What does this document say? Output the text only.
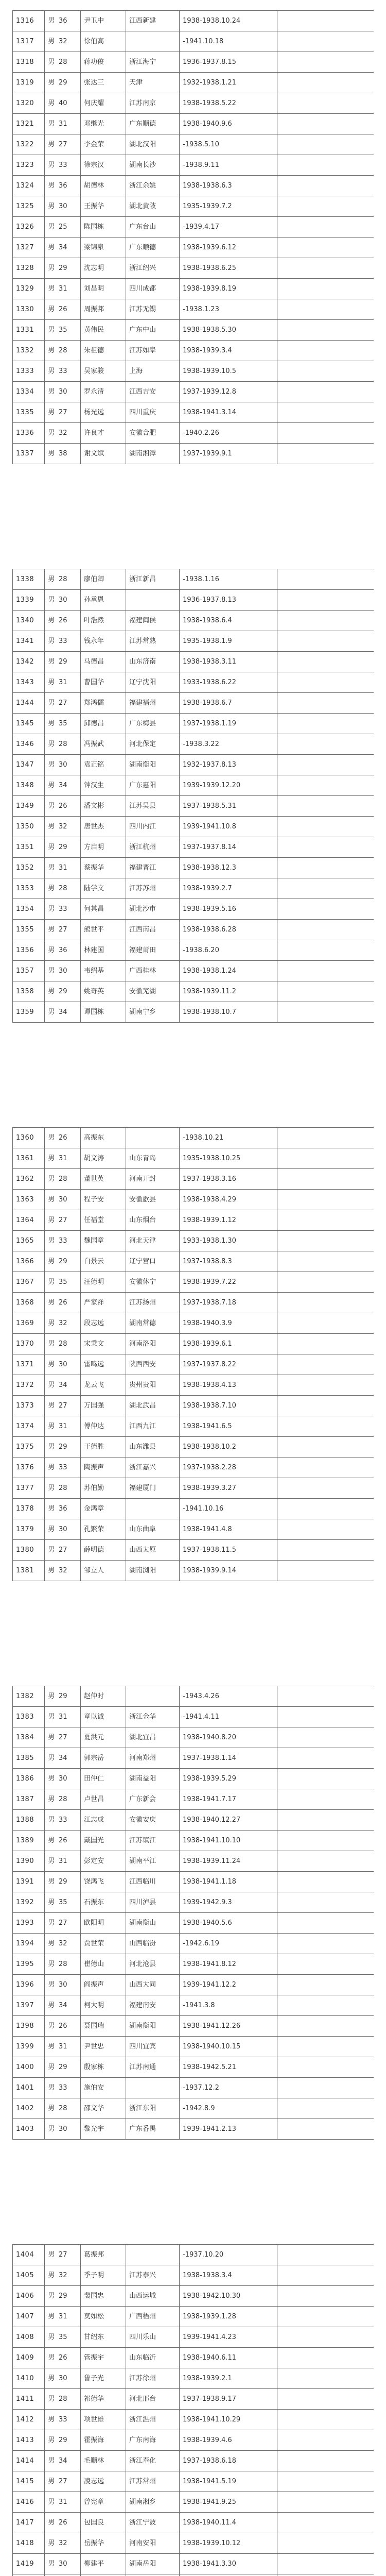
1316	男 36	尹卫中	江西新建	1938-1938.10.24	
1317	男 32	徐伯高		-1941.10.18	
1318	男 28	蒋功俊	浙江海宁	1936-1937.8.15	
1319	男 29	张达三	天津	1932-1938.1.21	
1320	男 40	何庆耀	江苏南京	1938-1938.5.22	
1321	男 31	邓继光	广东顺德	1938-1940.9.6	
1322	男 27	李金荣	湖北汉阳	-1938.5.10	
1323	男 33	徐宗汉	湖南长沙	-1938.9.11	
1324	男 36	胡德林	浙江余姚	1938-1938.6.3	
1325	男 30	王振华	湖北黄陂	1935-1939.7.2	
1326	男 25	陈国栋	广东台山	-1939.4.17	
1327	男 34	梁锦泉	广东顺德	1938-1939.6.12	
1328	男 29	沈志明	浙江绍兴	1938-1938.6.25	
1329	男 31	刘昌明	四川成都	1938-1939.8.19	
1330	男 26	周振邦	江苏无锡	-1938.1.23	
1331	男 35	黄伟民	广东中山	1938-1938.5.30	
1332	男 28	朱祖德	江苏如皋	1938-1939.3.4	
1333	男 33	吴家骏	上海	1938-1939.10.5	
1334	男 30	罗永清	江西吉安	1937-1939.12.8	
1335	男 27	杨光远	四川重庆	1938-1941.3.14	
1336	男 32	许良才	安徽合肥	-1940.2.26	
1337	男 38	谢文斌	湖南湘潭	1937-1939.9.1	
1338	男 28	廖伯卿	浙江新昌	-1938.1.16	
1339	男 30	孙承恩		1936-1937.8.13	
1340	男 26	叶浩然	福建闽侯	1938-1938.6.4	
1341	男 33	钱永年	江苏常熟	1935-1938.1.9	
1342	男 29	马德昌	山东济南	1938-1938.3.11	
1343	男 31	曹国华	辽宁沈阳	1933-1938.6.22	
1344	男 27	郑鸿儒	福建福州	1938-1938.6.7	
1345	男 35	邱德昌	广东梅县	1937-1938.1.19	
1346	男 28	冯振武	河北保定	-1938.3.22	
1347	男 30	袁正铭	湖南衡阳	1932-1937.8.13	
1348	男 34	钟汉生	广东惠阳	1939-1939.12.20	
1349	男 26	潘文彬	江苏吴县	1937-1938.5.31	
1350	男 32	唐世杰	四川内江	1939-1941.10.8	
1351	男 29	方启明	浙江杭州	1937-1937.8.14	
1352	男 31	蔡振华	福建晋江	1938-1938.12.3	
1353	男 28	陆学文	江苏苏州	1938-1939.2.7	
1354	男 33	何其昌	湖北沙市	1938-1939.5.16	
1355	男 27	熊世平	江西南昌	1938-1938.6.28	
1356	男 36	林建国	福建莆田	-1938.6.20	
1357	男 30	韦绍基	广西桂林	1938-1938.1.24	
1358	男 29	姚奇英	安徽芜湖	1938-1939.11.2	
1359	男 34	谭国栋	湖南宁乡	1938-1938.10.7	
1360	男 26	高振东		-1938.10.21	
1361	男 31	胡文涛	山东青岛	1935-1938.10.25	
1362	男 28	董世英	河南开封	1937-1938.3.16	
1363	男 30	程子安	安徽歙县	1938-1938.4.29	
1364	男 27	任福堂	山东烟台	1938-1939.1.12	
1365	男 33	魏国章	河北天津	1933-1938.1.30	
1366	男 29	白景云	辽宁营口	1937-1938.8.3	
1367	男 35	汪德明	安徽休宁	1938-1939.7.22	
1368	男 26	严家祥	江苏扬州	1937-1938.7.18	
1369	男 32	段志远	湖南常德	1938-1940.3.9	
1370	男 28	宋秉文	河南洛阳	1938-1939.6.1	
1371	男 30	雷鸣远	陕西西安	1937-1937.8.22	
1372	男 34	龙云飞	贵州贵阳	1938-1938.4.13	
1373	男 27	万国强	湖北武昌	1938-1938.7.10	
1374	男 31	傅仲达	江西九江	1938-1941.6.5	
1375	男 29	于德胜	山东潍县	1938-1938.10.2	
1376	男 33	陶振声	浙江嘉兴	1937-1938.2.28	
1377	男 28	苏伯勤	福建厦门	1938-1939.3.27	
1378	男 36	金鸿章		-1941.10.16	
1379	男 30	孔繁荣	山东曲阜	1938-1941.4.8	
1380	男 27	薛明德	山西太原	1937-1938.11.5	
1381	男 32	邹立人	湖南浏阳	1938-1939.9.14	
1382	男 29	赵仲时		-1943.4.26	
1383	男 31	章以诚	浙江金华	-1941.4.11	
1384	男 27	夏洪元	湖北宜昌	1938-1940.8.20	
1385	男 34	郭宗岳	河南郑州	1937-1938.1.14	
1386	男 30	田仲仁	湖南益阳	1938-1939.5.29	
1387	男 28	卢世昌	广东新会	1938-1941.7.17	
1388	男 33	江志成	安徽安庆	1938-1940.12.27	
1389	男 26	戴国光	江苏镇江	1938-1941.10.10	
1390	男 31	彭定安	湖南平江	1938-1939.11.24	
1391	男 29	饶鸿飞	江西临川	1938-1941.1.18	
1392	男 35	石振东	四川泸县	1939-1942.9.3	
1393	男 27	欧阳明	湖南衡山	1938-1940.5.6	
1394	男 32	贾世荣	山西临汾	-1942.6.19	
1395	男 28	崔德山	河北沧县	1938-1941.8.12	
1396	男 30	阎振声	山西大同	1939-1941.12.2	
1397	男 34	柯大明	福建南安	-1941.3.8	
1398	男 26	聂国瑞	湖南衡阳	1938-1941.12.26	
1399	男 31	尹世忠	四川宜宾	1938-1940.10.15	
1400	男 29	殷家栋	江苏南通	1938-1942.5.21	
1401	男 33	施伯安		-1937.12.2	
1402	男 28	邵文华	浙江东阳	-1942.8.9	
1403	男 30	黎光宇	广东番禺	1939-1941.2.13	
1404	男 27	葛振邦		-1937.10.20	
1405	男 32	季子明	江苏泰兴	1938-1938.3.4	
1406	男 29	裴国忠	山西运城	1938-1942.10.30	
1407	男 31	莫如松	广西梧州	1938-1939.1.28	
1408	男 35	甘绍东	四川乐山	1939-1941.4.23	
1409	男 26	管振宇	山东临沂	1938-1940.6.11	
1410	男 30	鲁子光	江苏徐州	1938-1939.2.1	
1411	男 28	祁德华	河北邢台	1937-1938.9.17	
1412	男 33	项世雄	浙江温州	1938-1941.10.29	
1413	男 29	霍振海	广东南海	1938-1939.4.6	
1414	男 34	毛顺林	浙江奉化	1937-1938.6.18	
1415	男 27	凌志远	江苏常州	1938-1941.5.19	
1416	男 31	曾宪章	湖南湘乡	1938-1941.9.25	
1417	男 26	包国良	浙江宁波	1938-1940.11.4	
1418	男 32	岳振华	河南安阳	1938-1939.10.12	
1419	男 30	柳建平	湖南岳阳	1938-1941.3.30	
